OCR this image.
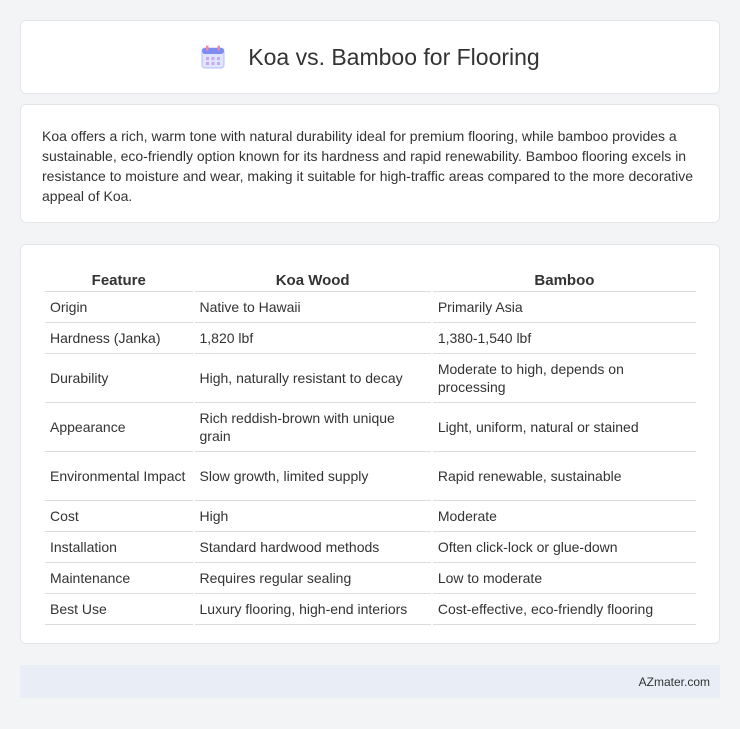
Koa vs. Bamboo for Flooring

Koa offers a rich, warm tone with natural durability ideal for premium flooring, while bamboo provides a sustainable, eco-friendly option known for its hardness and rapid renewability. Bamboo flooring excels in resistance to moisture and wear, making it suitable for high-traffic areas compared to the more decorative appeal of Koa.

Feature	Koa Wood	Bamboo
Origin	Native to Hawaii	Primarily Asia
Hardness (Janka)	1,820 lbf	1,380-1,540 lbf
Durability	High, naturally resistant to decay	Moderate to high, depends on processing
Appearance	Rich reddish-brown with unique grain	Light, uniform, natural or stained
Environmental Impact	Slow growth, limited supply	Rapid renewable, sustainable
Cost	High	Moderate
Installation	Standard hardwood methods	Often click-lock or glue-down
Maintenance	Requires regular sealing	Low to moderate
Best Use	Luxury flooring, high-end interiors	Cost-effective, eco-friendly flooring
AZmater.com
